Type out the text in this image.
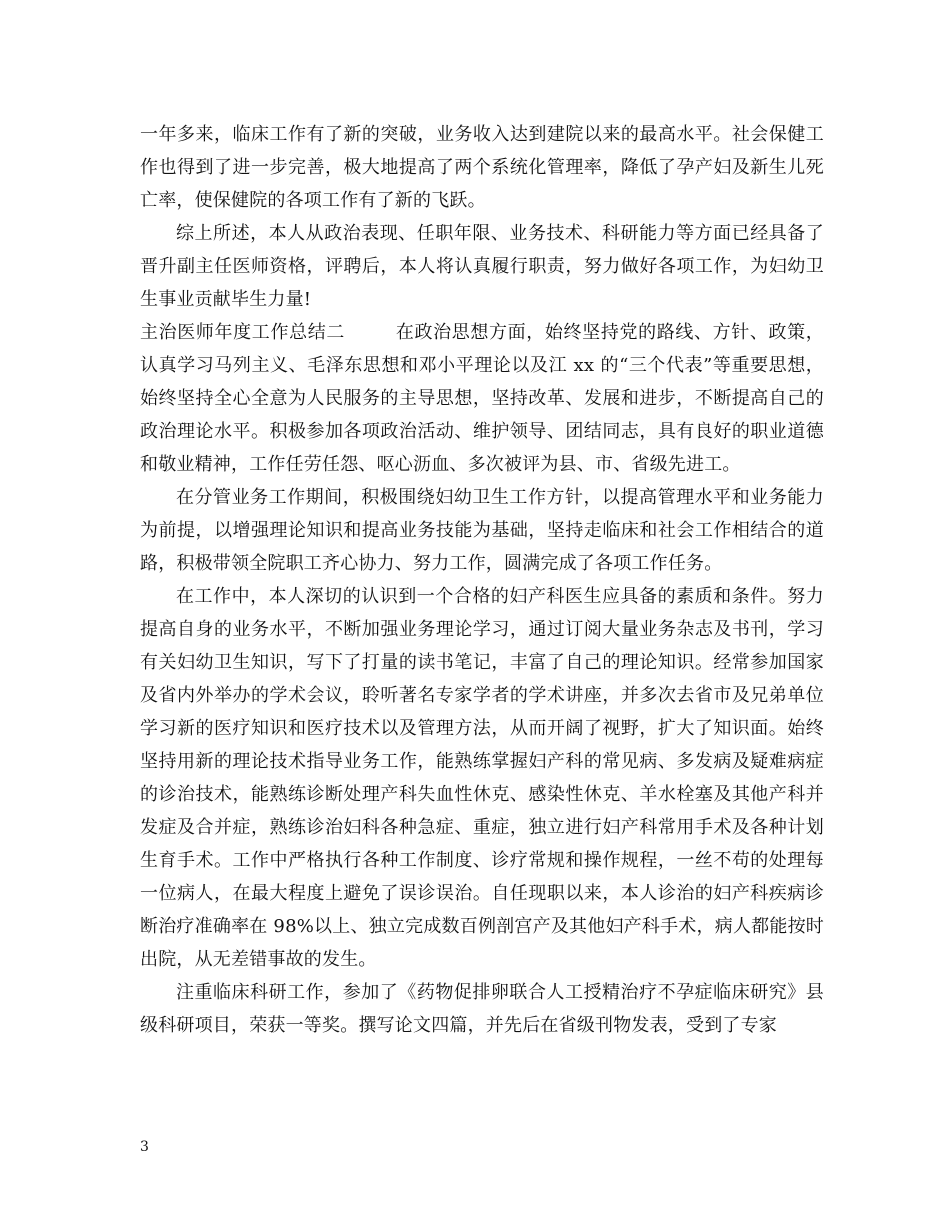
一年多来，临床工作有了新的突破，业务收入达到建院以来的最高水平。社会保健工作也得到了进一步完善，极大地提高了两个系统化管理率，降低了孕产妇及新生儿死亡率，使保健院的各项工作有了新的飞跃。

综上所述，本人从政治表现、任职年限、业务技术、科研能力等方面已经具备了晋升副主任医师资格，评聘后，本人将认真履行职责，努力做好各项工作，为妇幼卫生事业贡献毕生力量!

主治医师年度工作总结二	在政治思想方面，始终坚持党的路线、方针、政策，认真学习马列主义、毛泽东思想和邓小平理论以及江 xx 的“三个代表”等重要思想，始终坚持全心全意为人民服务的主导思想，坚持改革、发展和进步，不断提高自己的政治理论水平。积极参加各项政治活动、维护领导、团结同志，具有良好的职业道德和敬业精神，工作任劳任怨、呕心沥血、多次被评为县、市、省级先进工。

在分管业务工作期间，积极围绕妇幼卫生工作方针，以提高管理水平和业务能力为前提，以增强理论知识和提高业务技能为基础，坚持走临床和社会工作相结合的道路，积极带领全院职工齐心协力、努力工作，圆满完成了各项工作任务。

在工作中，本人深切的认识到一个合格的妇产科医生应具备的素质和条件。努力提高自身的业务水平，不断加强业务理论学习，通过订阅大量业务杂志及书刊，学习有关妇幼卫生知识，写下了打量的读书笔记，丰富了自己的理论知识。经常参加国家及省内外举办的学术会议，聆听著名专家学者的学术讲座，并多次去省市及兄弟单位学习新的医疗知识和医疗技术以及管理方法，从而开阔了视野，扩大了知识面。始终坚持用新的理论技术指导业务工作，能熟练掌握妇产科的常见病、多发病及疑难病症的诊治技术，能熟练诊断处理产科失血性休克、感染性休克、羊水栓塞及其他产科并发症及合并症，熟练诊治妇科各种急症、重症，独立进行妇产科常用手术及各种计划生育手术。工作中严格执行各种工作制度、诊疗常规和操作规程，一丝不苟的处理每一位病人，在最大程度上避免了误诊误治。自任现职以来，本人诊治的妇产科疾病诊断治疗准确率在 98%以上、独立完成数百例剖宫产及其他妇产科手术，病人都能按时出院，从无差错事故的发生。

注重临床科研工作，参加了《药物促排卵联合人工授精治疗不孕症临床研究》县级科研项目，荣获一等奖。撰写论文四篇，并先后在省级刊物发表，受到了专家

3
